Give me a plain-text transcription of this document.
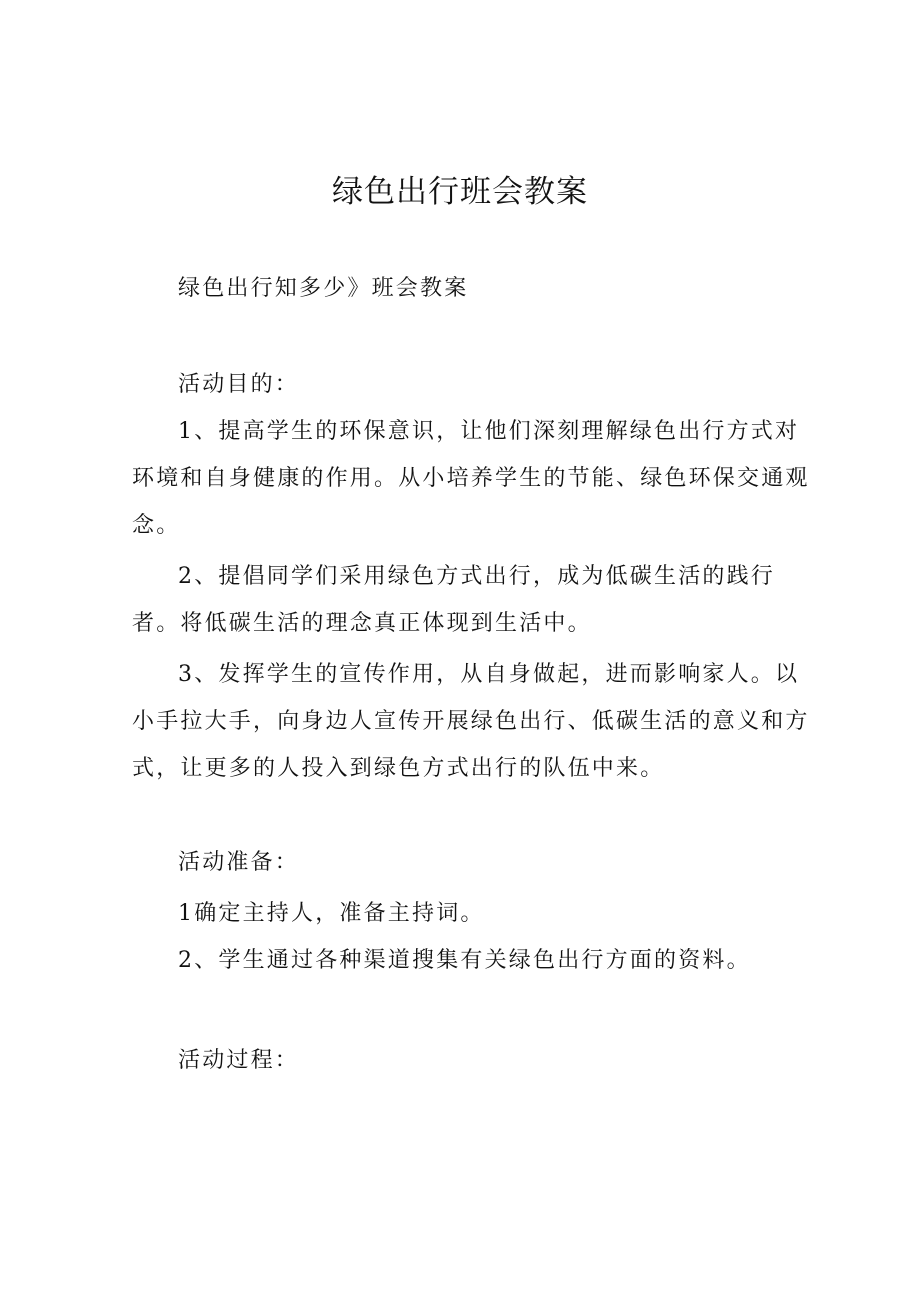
绿色出行班会教案

绿色出行知多少》班会教案

活动目的：

1、提高学生的环保意识，让他们深刻理解绿色出行方式对

环境和自身健康的作用。从小培养学生的节能、绿色环保交通观

念。

2、提倡同学们采用绿色方式出行，成为低碳生活的践行

者。将低碳生活的理念真正体现到生活中。

3、发挥学生的宣传作用，从自身做起，进而影响家人。以

小手拉大手，向身边人宣传开展绿色出行、低碳生活的意义和方

式，让更多的人投入到绿色方式出行的队伍中来。

活动准备：

1确定主持人，准备主持词。

2、学生通过各种渠道搜集有关绿色出行方面的资料。

活动过程：
